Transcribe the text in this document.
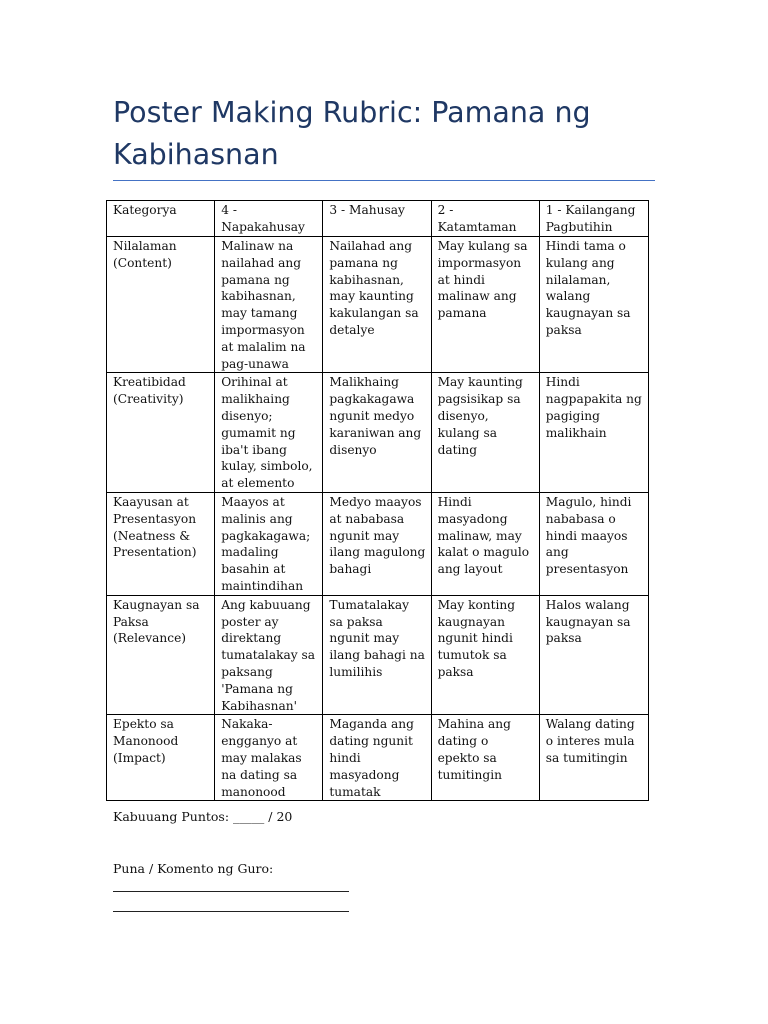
Poster Making Rubric: Pamana ng Kabihasnan
Kategorya	4 - Napakahusay	3 - Mahusay	2 - Katamtaman	1 - Kailangang Pagbutihin
Nilalaman (Content)	Malinaw na nailahad ang pamana ng kabihasnan, may tamang impormasyon at malalim na pag-unawa	Nailahad ang pamana ng kabihasnan, may kaunting kakulangan sa detalye	May kulang sa impormasyon at hindi malinaw ang pamana	Hindi tama o kulang ang nilalaman, walang kaugnayan sa paksa
Kreatibidad (Creativity)	Orihinal at malikhaing disenyo; gumamit ng iba't ibang kulay, simbolo, at elemento	Malikhaing pagkakagawa ngunit medyo karaniwan ang disenyo	May kaunting pagsisikap sa disenyo, kulang sa dating	Hindi nagpapakita ng pagiging malikhain
Kaayusan at Presentasyon (Neatness & Presentation)	Maayos at malinis ang pagkakagawa; madaling basahin at maintindihan	Medyo maayos at nababasa ngunit may ilang magulong bahagi	Hindi masyadong malinaw, may kalat o magulo ang layout	Magulo, hindi nababasa o hindi maayos ang presentasyon
Kaugnayan sa Paksa (Relevance)	Ang kabuuang poster ay direktang tumatalakay sa paksang 'Pamana ng Kabihasnan'	Tumatalakay sa paksa ngunit may ilang bahagi na lumilihis	May konting kaugnayan ngunit hindi tumutok sa paksa	Halos walang kaugnayan sa paksa
Epekto sa Manonood (Impact)	Nakaka-engganyo at may malakas na dating sa manonood	Maganda ang dating ngunit hindi masyadong tumatak	Mahina ang dating o epekto sa tumitingin	Walang dating o interes mula sa tumitingin
Kabuuang Puntos: _____ / 20
Puna / Komento ng Guro:
